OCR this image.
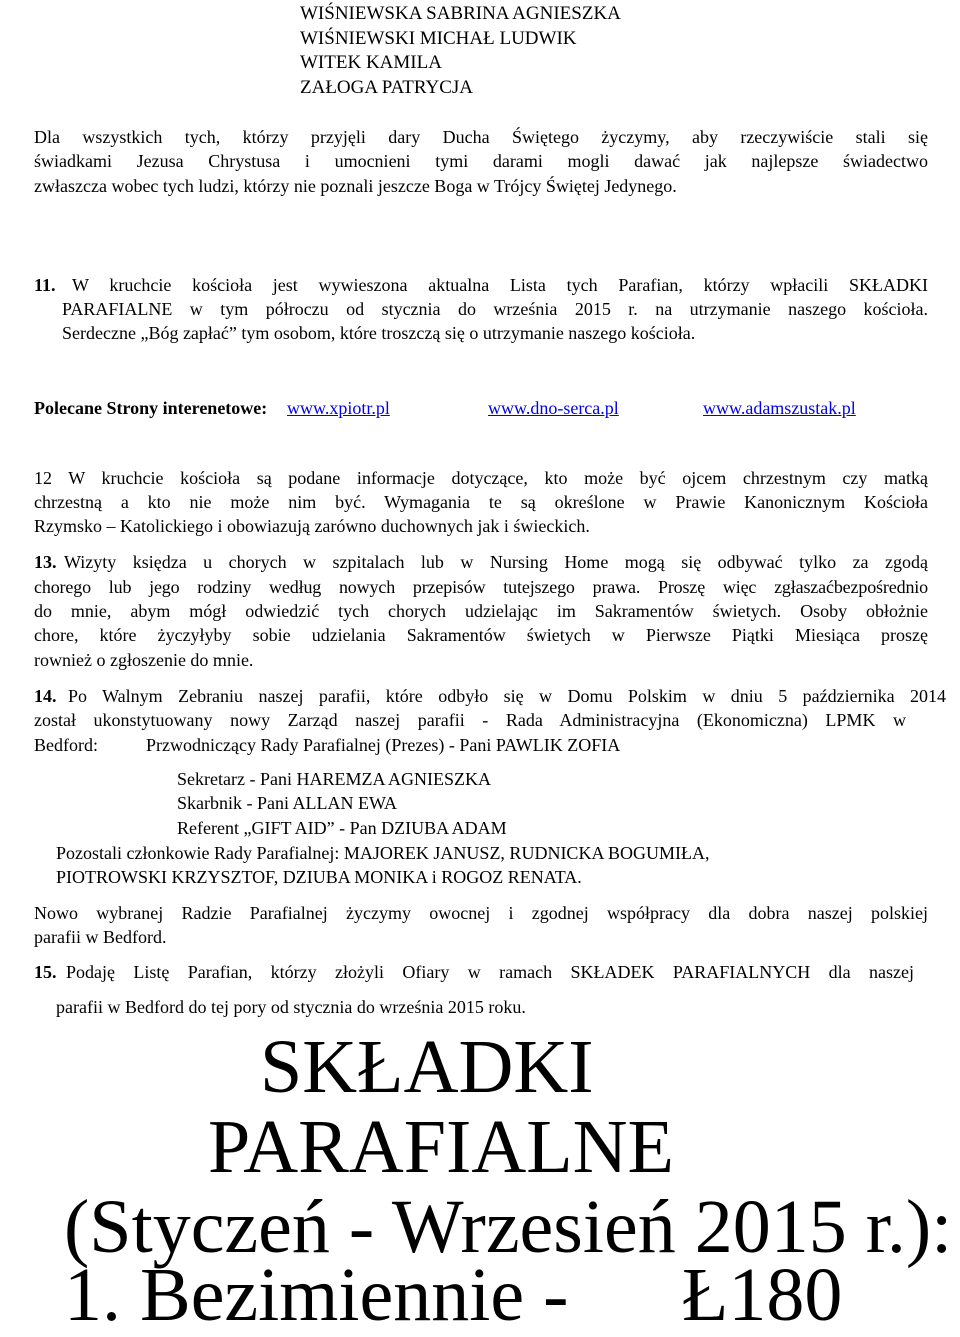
WIŚNIEWSKA SABRINA AGNIESZKA
WIŚNIEWSKI MICHAŁ LUDWIK
WITEK KAMILA
ZAŁOGA PATRYCJA
Dla wszystkich tych, którzy przyjęli dary Ducha Świętego życzymy, aby rzeczywiście stali się
świadkami Jezusa Chrystusa i umocnieni tymi darami mogli dawać jak najlepsze świadectwo
zwłaszcza wobec tych ludzi, którzy nie poznali jeszcze Boga w Trójcy Świętej Jedynego.
11. W kruchcie kościoła jest wywieszona aktualna Lista tych Parafian, którzy wpłacili SKŁADKI
PARAFIALNE w tym półroczu od stycznia do września 2015 r. na utrzymanie naszego kościoła.
Serdeczne „Bóg zapłać” tym osobom, które troszczą się o utrzymanie naszego kościoła.
Polecane Strony interenetowe: www.xpiotr.pl	www.dno-serca.pl	www.adamszustak.pl
12 W kruchcie kościoła są podane informacje dotyczące, kto może być ojcem chrzestnym czy matką
chrzestną a kto nie może nim być. Wymagania te są określone w Prawie Kanonicznym Kościoła
Rzymsko – Katolickiego i obowiazują zarówno duchownych jak i świeckich.
13. Wizyty księdza u chorych w szpitalach lub w Nursing Home mogą się odbywać tylko za zgodą
chorego lub jego rodziny według nowych przepisów tutejszego prawa. Proszę więc zgłaszaćbezpośrednio
do mnie, abym mógł odwiedzić tych chorych udzielając im Sakramentów świetych. Osoby obłożnie
chore, które życzyłyby sobie udzielania Sakramentów świetych w Pierwsze Piątki Miesiąca proszę
rownież o zgłoszenie do mnie.
14. Po Walnym Zebraniu naszej parafii, które odbyło się w Domu Polskim w dniu 5 października 2014
został ukonstytuowany nowy Zarząd naszej parafii - Rada Administracyjna (Ekonomiczna) LPMK w
Bedford:	Przwodniczący Rady Parafialnej (Prezes) - Pani PAWLIK ZOFIA
Sekretarz - Pani HAREMZA AGNIESZKA
Skarbnik - Pani ALLAN EWA
Referent „GIFT AID” - Pan DZIUBA ADAM
Pozostali członkowie Rady Parafialnej: MAJOREK JANUSZ, RUDNICKA BOGUMIŁA,
PIOTROWSKI KRZYSZTOF, DZIUBA MONIKA i ROGOZ RENATA.
Nowo wybranej Radzie Parafialnej życzymy owocnej i zgodnej współpracy dla dobra naszej polskiej
parafii w Bedford.
15. Podaję Listę Parafian, którzy złożyli Ofiary w ramach SKŁADEK PARAFIALNYCH dla naszej
parafii w Bedford do tej pory od stycznia do września 2015 roku.
SKŁADKI
PARAFIALNE
(Styczeń - Wrzesień 2015 r.):
1. Bezimiennie - Ł180
